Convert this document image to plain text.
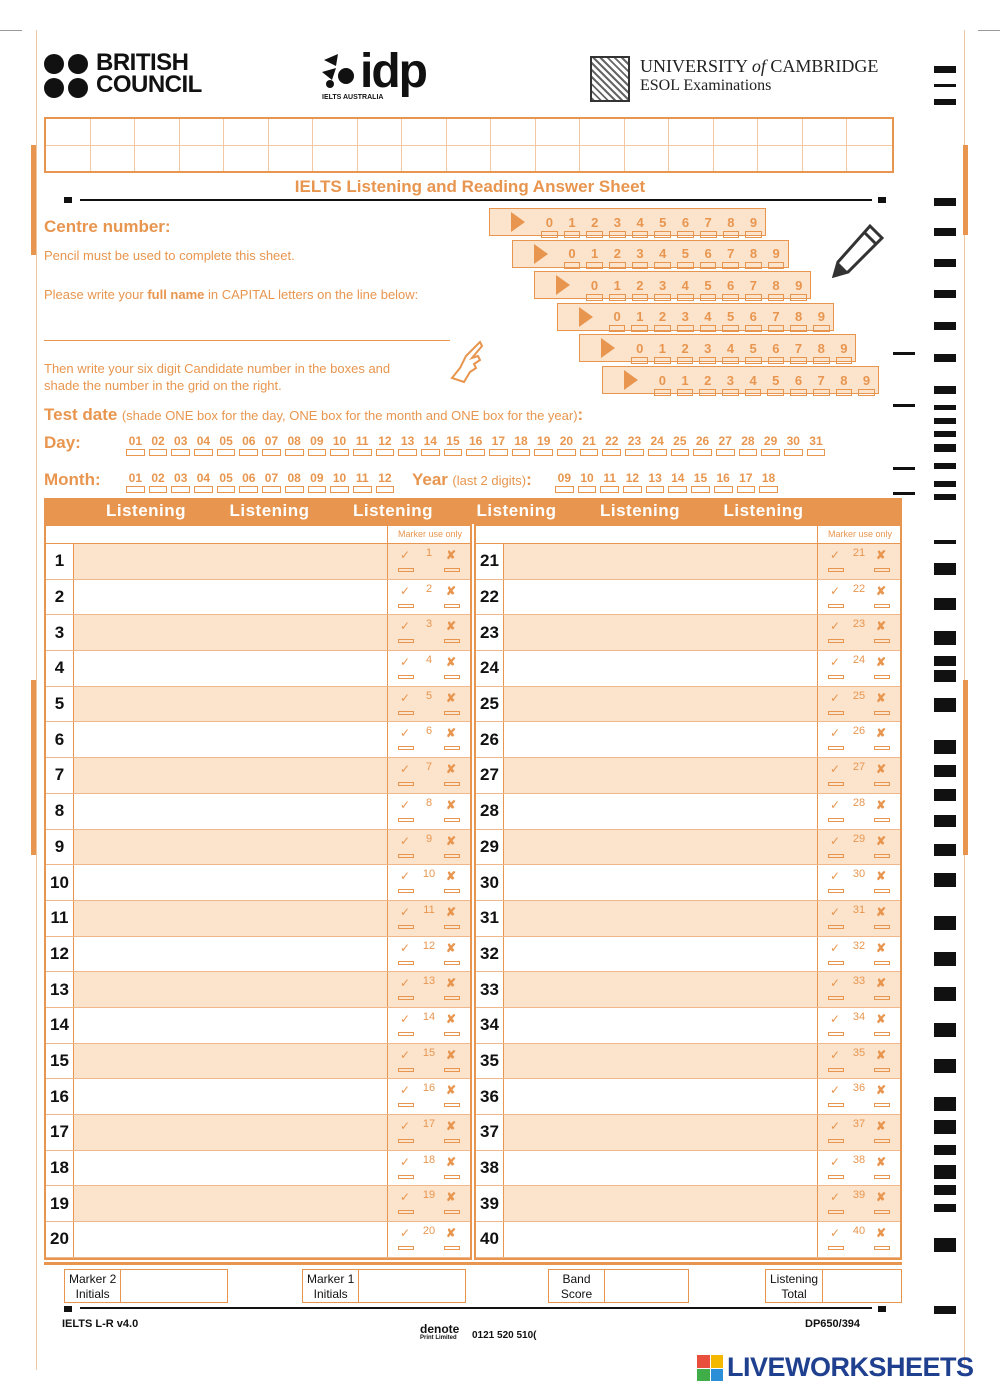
BRITISH
COUNCIL	idp
IELTS AUSTRALIA
UNIVERSITY of CAMBRIDGE
ESOL Examinations
IELTS Listening and Reading Answer Sheet
Centre number:
Pencil must be used to complete this sheet.
Please write your full name in CAPITAL letters on the line below:
Then write your six digit Candidate number in the boxes and
shade the number in the grid on the right.
0	1	2	3	4	5	6	7	8	9
0	1	2	3	4	5	6	7	8	9
0	1	2	3	4	5	6	7	8	9
0	1	2	3	4	5	6	7	8	9
0	1	2	3	4	5	6	7	8	9
0	1	2	3	4	5	6	7	8	9
Test date (shade ONE box for the day, ONE box for the month and ONE box for the year):
Day:	01 02 03 04 05 06 07 08 09 10 11 12 13 14 15 16 17 18 19 20 21 22 23 24 25 26 27 28 29 30 31
Month:	01 02 03 04 05 06 07 08 09 10 11 12 Year (last 2 digits):	09 10 11 12 13 14 15 16 17 18
Listening	Listening	Listening	Listening	Listening	Listening
Marker use only
1	✓	1	✘
2	✓	2	✘
3	✓	3	✘
4	✓	4	✘
5	✓	5	✘
6	✓	6	✘
7	✓	7	✘
8	✓	8	✘
9	✓	9	✘
10	✓	10 ✘
11	✓	11 ✘
12	✓	12 ✘
13	✓	13 ✘
14	✓	14 ✘
15	✓	15 ✘
16	✓	16 ✘
17	✓	17 ✘
18	✓	18 ✘
19	✓	19 ✘
20	✓	20 ✘
Marker use only
21	✓	21 ✘
22	✓	22 ✘
23	✓	23 ✘
24	✓	24 ✘
25	✓	25 ✘
26	✓	26 ✘
27	✓	27 ✘
28	✓	28 ✘
29	✓	29 ✘
30	✓	30 ✘
31	✓	31 ✘
32	✓	32 ✘
33	✓	33 ✘
34	✓	34 ✘
35	✓	35 ✘
36	✓	36 ✘
37	✓	37 ✘
38	✓	38 ✘
39	✓	39 ✘
40	✓	40 ✘
Marker 2
Initials
Marker 1
Initials
Band
Score
Listening
Total
IELTS L-R v4.0	denote
Print Limited 0121 520 510(
DP650/394
LIVEWORKSHEETS
